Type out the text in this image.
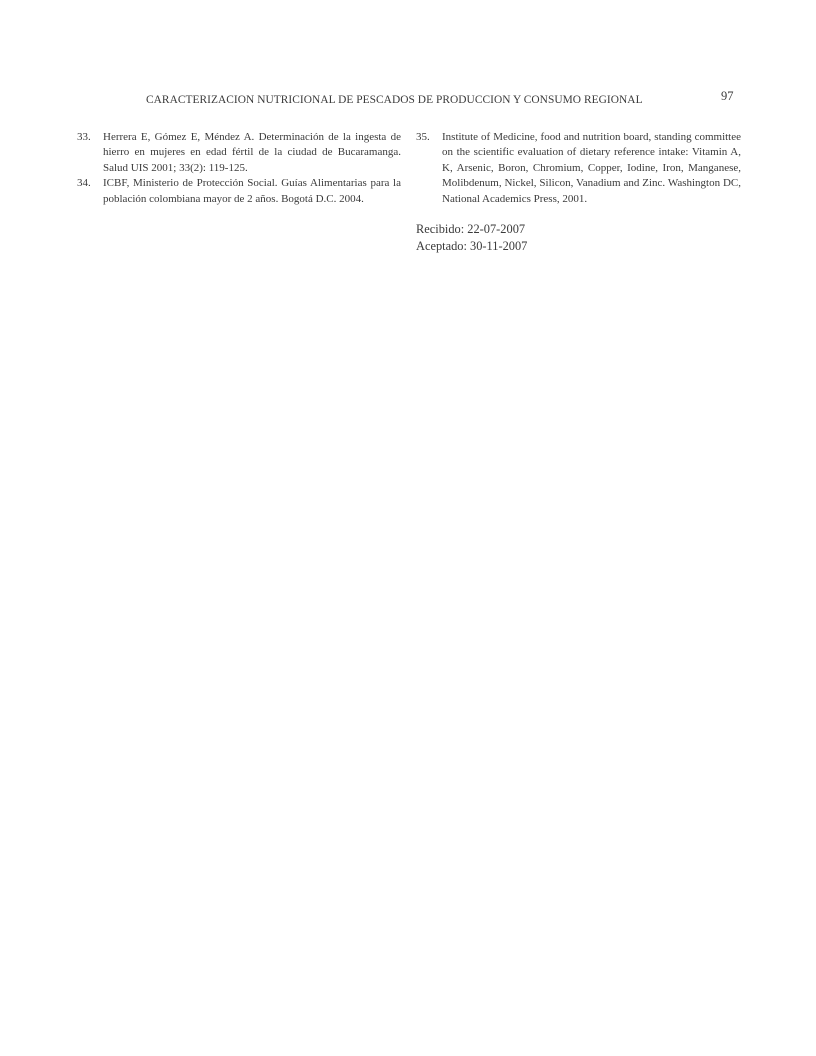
CARACTERIZACION NUTRICIONAL DE PESCADOS DE PRODUCCION Y CONSUMO REGIONAL	97
33. Herrera E, Gómez E, Méndez A. Determinación de la ingesta de hierro en mujeres en edad fértil de la ciudad de Bucaramanga. Salud UIS 2001; 33(2): 119-125.
34. ICBF, Ministerio de Protección Social. Guías Alimentarias para la población colombiana mayor de 2 años. Bogotá D.C. 2004.
35. Institute of Medicine, food and nutrition board, standing committee on the scientific evaluation of dietary reference intake: Vitamin A, K, Arsenic, Boron, Chromium, Copper, Iodine, Iron, Manganese, Molibdenum, Nickel, Silicon, Vanadium and Zinc. Washington DC, National Academics Press, 2001.
Recibido: 22-07-2007
Aceptado: 30-11-2007
